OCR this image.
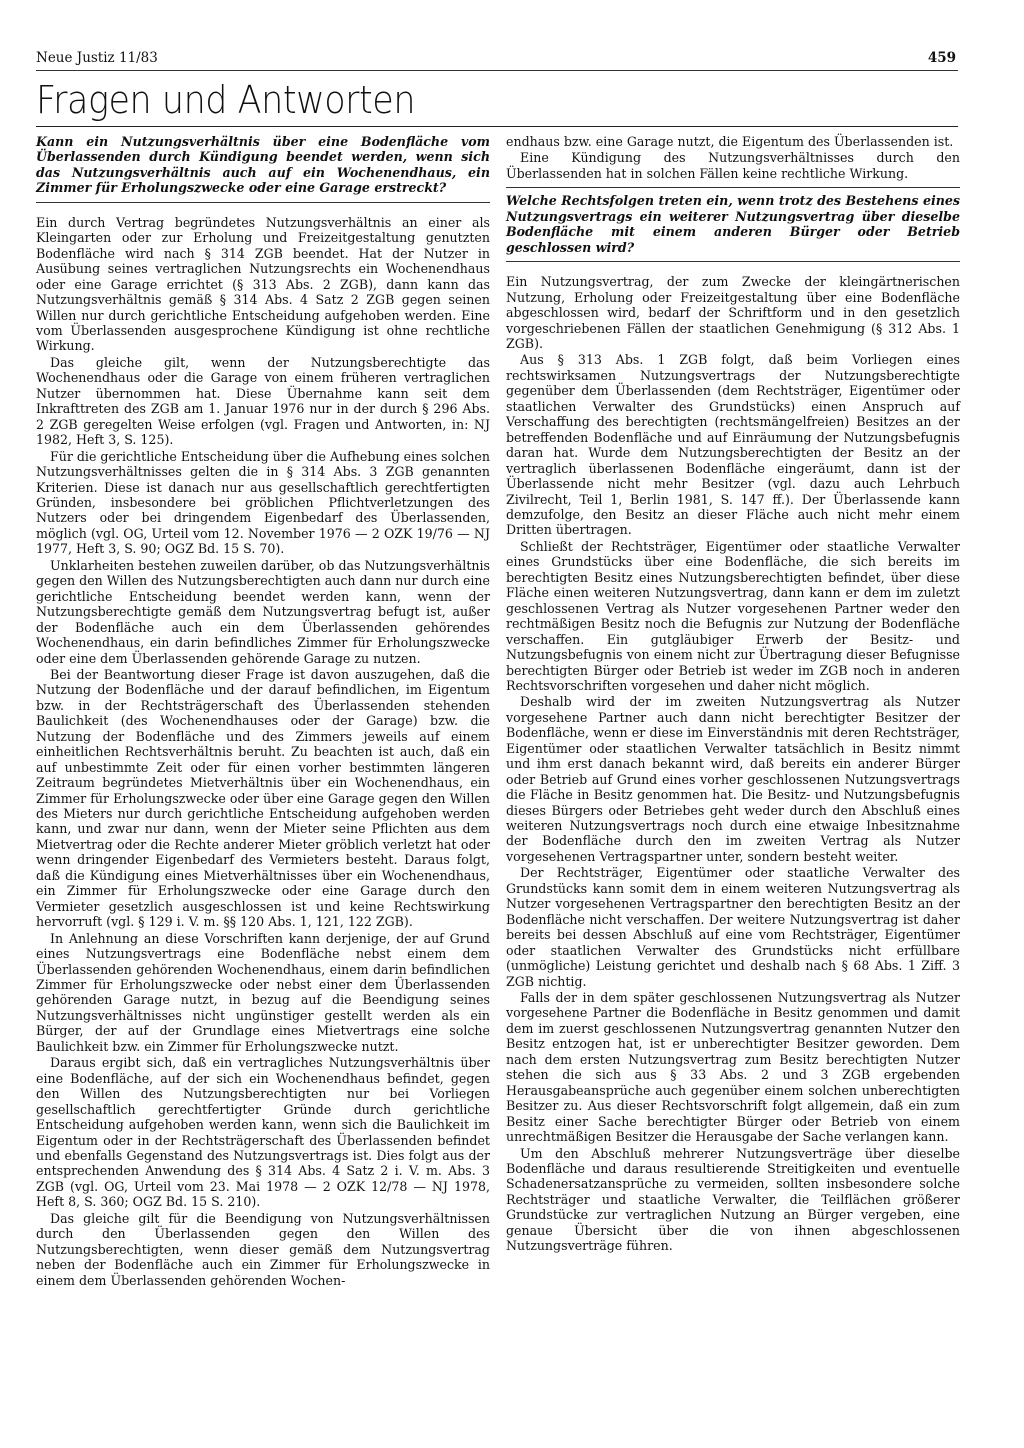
Neue Justiz 11/83	459
Fragen und Antworten
Kann ein Nutzungsverhältnis über eine Bodenfläche vom Überlassenden durch Kündigung beendet werden, wenn sich das Nutzungsverhältnis auch auf ein Wochenendhaus, ein Zimmer für Erholungszwecke oder eine Garage erstreckt?

Ein durch Vertrag begründetes Nutzungsverhältnis an einer als Kleingarten oder zur Erholung und Freizeitgestaltung genutzten Bodenfläche wird nach § 314 ZGB beendet. Hat der Nutzer in Ausübung seines vertraglichen Nutzungsrechts ein Wochenendhaus oder eine Garage errichtet (§ 313 Abs. 2 ZGB), dann kann das Nutzungsverhältnis gemäß § 314 Abs. 4 Satz 2 ZGB gegen seinen Willen nur durch gerichtliche Entscheidung aufgehoben werden. Eine vom Überlassenden ausgesprochene Kündigung ist ohne rechtliche Wirkung.

Das gleiche gilt, wenn der Nutzungsberechtigte das Wochenendhaus oder die Garage von einem früheren vertraglichen Nutzer übernommen hat. Diese Übernahme kann seit dem Inkrafttreten des ZGB am 1. Januar 1976 nur in der durch § 296 Abs. 2 ZGB geregelten Weise erfolgen (vgl. Fragen und Antworten, in: NJ 1982, Heft 3, S. 125).

Für die gerichtliche Entscheidung über die Aufhebung eines solchen Nutzungsverhältnisses gelten die in § 314 Abs. 3 ZGB genannten Kriterien. Diese ist danach nur aus gesellschaftlich gerechtfertigten Gründen, insbesondere bei gröblichen Pflichtverletzungen des Nutzers oder bei dringendem Eigenbedarf des Überlassenden, möglich (vgl. OG, Urteil vom 12. November 1976 — 2 OZK 19/76 — NJ 1977, Heft 3, S. 90; OGZ Bd. 15 S. 70).

Unklarheiten bestehen zuweilen darüber, ob das Nutzungsverhältnis gegen den Willen des Nutzungsberechtigten auch dann nur durch eine gerichtliche Entscheidung beendet werden kann, wenn der Nutzungsberechtigte gemäß dem Nutzungsvertrag befugt ist, außer der Bodenfläche auch ein dem Überlassenden gehörendes Wochenendhaus, ein darin befindliches Zimmer für Erholungszwecke oder eine dem Überlassenden gehörende Garage zu nutzen.

Bei der Beantwortung dieser Frage ist davon auszugehen, daß die Nutzung der Bodenfläche und der darauf befindlichen, im Eigentum bzw. in der Rechtsträgerschaft des Überlassenden stehenden Baulichkeit (des Wochenendhauses oder der Garage) bzw. die Nutzung der Bodenfläche und des Zimmers jeweils auf einem einheitlichen Rechtsverhältnis beruht. Zu beachten ist auch, daß ein auf unbestimmte Zeit oder für einen vorher bestimmten längeren Zeitraum begründetes Mietverhältnis über ein Wochenendhaus, ein Zimmer für Erholungszwecke oder über eine Garage gegen den Willen des Mieters nur durch gerichtliche Entscheidung aufgehoben werden kann, und zwar nur dann, wenn der Mieter seine Pflichten aus dem Mietvertrag oder die Rechte anderer Mieter gröblich verletzt hat oder wenn dringender Eigenbedarf des Vermieters besteht. Daraus folgt, daß die Kündigung eines Mietverhältnisses über ein Wochenendhaus, ein Zimmer für Erholungszwecke oder eine Garage durch den Vermieter gesetzlich ausgeschlossen ist und keine Rechtswirkung hervorruft (vgl. § 129 i. V. m. §§ 120 Abs. 1, 121, 122 ZGB).

In Anlehnung an diese Vorschriften kann derjenige, der auf Grund eines Nutzungsvertrags eine Bodenfläche nebst einem dem Überlassenden gehörenden Wochenendhaus, einem darin befindlichen Zimmer für Erholungszwecke oder nebst einer dem Überlassenden gehörenden Garage nutzt, in bezug auf die Beendigung seines Nutzungsverhältnisses nicht ungünstiger gestellt werden als ein Bürger, der auf der Grundlage eines Mietvertrags eine solche Baulichkeit bzw. ein Zimmer für Erholungszwecke nutzt.

Daraus ergibt sich, daß ein vertragliches Nutzungsverhältnis über eine Bodenfläche, auf der sich ein Wochenendhaus befindet, gegen den Willen des Nutzungsberechtigten nur bei Vorliegen gesellschaftlich gerechtfertigter Gründe durch gerichtliche Entscheidung aufgehoben werden kann, wenn sich die Baulichkeit im Eigentum oder in der Rechtsträgerschaft des Überlassenden befindet und ebenfalls Gegenstand des Nutzungsvertrags ist. Dies folgt aus der entsprechenden Anwendung des § 314 Abs. 4 Satz 2 i. V. m. Abs. 3 ZGB (vgl. OG, Urteil vom 23. Mai 1978 — 2 OZK 12/78 — NJ 1978, Heft 8, S. 360; OGZ Bd. 15 S. 210).

Das gleiche gilt für die Beendigung von Nutzungsverhältnissen durch den Überlassenden gegen den Willen des Nutzungsberechtigten, wenn dieser gemäß dem Nutzungsvertrag neben der Bodenfläche auch ein Zimmer für Erholungszwecke in einem dem Überlassenden gehörenden Wochen-

endhaus bzw. eine Garage nutzt, die Eigentum des Überlassenden ist.

Eine Kündigung des Nutzungsverhältnisses durch den Überlassenden hat in solchen Fällen keine rechtliche Wirkung.

Welche Rechtsfolgen treten ein, wenn trotz des Bestehens eines Nutzungsvertrags ein weiterer Nutzungsvertrag über dieselbe Bodenfläche mit einem anderen Bürger oder Betrieb geschlossen wird?

Ein Nutzungsvertrag, der zum Zwecke der kleingärtnerischen Nutzung, Erholung oder Freizeitgestaltung über eine Bodenfläche abgeschlossen wird, bedarf der Schriftform und in den gesetzlich vorgeschriebenen Fällen der staatlichen Genehmigung (§ 312 Abs. 1 ZGB).

Aus § 313 Abs. 1 ZGB folgt, daß beim Vorliegen eines rechtswirksamen Nutzungsvertrags der Nutzungsberechtigte gegenüber dem Überlassenden (dem Rechtsträger, Eigentümer oder staatlichen Verwalter des Grundstücks) einen Anspruch auf Verschaffung des berechtigten (rechtsmängelfreien) Besitzes an der betreffenden Bodenfläche und auf Einräumung der Nutzungsbefugnis daran hat. Wurde dem Nutzungsberechtigten der Besitz an der vertraglich überlassenen Bodenfläche eingeräumt, dann ist der Überlassende nicht mehr Besitzer (vgl. dazu auch Lehrbuch Zivilrecht, Teil 1, Berlin 1981, S. 147 ff.). Der Überlassende kann demzufolge, den Besitz an dieser Fläche auch nicht mehr einem Dritten übertragen.

Schließt der Rechtsträger, Eigentümer oder staatliche Verwalter eines Grundstücks über eine Bodenfläche, die sich bereits im berechtigten Besitz eines Nutzungsberechtigten befindet, über diese Fläche einen weiteren Nutzungsvertrag, dann kann er dem im zuletzt geschlossenen Vertrag als Nutzer vorgesehenen Partner weder den rechtmäßigen Besitz noch die Befugnis zur Nutzung der Bodenfläche verschaffen. Ein gutgläubiger Erwerb der Besitz- und Nutzungsbefugnis von einem nicht zur Übertragung dieser Befugnisse berechtigten Bürger oder Betrieb ist weder im ZGB noch in anderen Rechtsvorschriften vorgesehen und daher nicht möglich.

Deshalb wird der im zweiten Nutzungsvertrag als Nutzer vorgesehene Partner auch dann nicht berechtigter Besitzer der Bodenfläche, wenn er diese im Einverständnis mit deren Rechtsträger, Eigentümer oder staatlichen Verwalter tatsächlich in Besitz nimmt und ihm erst danach bekannt wird, daß bereits ein anderer Bürger oder Betrieb auf Grund eines vorher geschlossenen Nutzungsvertrags die Fläche in Besitz genommen hat. Die Besitz- und Nutzungsbefugnis dieses Bürgers oder Betriebes geht weder durch den Abschluß eines weiteren Nutzungsvertrags noch durch eine etwaige Inbesitznahme der Bodenfläche durch den im zweiten Vertrag als Nutzer vorgesehenen Vertragspartner unter, sondern besteht weiter.

Der Rechtsträger, Eigentümer oder staatliche Verwalter des Grundstücks kann somit dem in einem weiteren Nutzungsvertrag als Nutzer vorgesehenen Vertragspartner den berechtigten Besitz an der Bodenfläche nicht verschaffen. Der weitere Nutzungsvertrag ist daher bereits bei dessen Abschluß auf eine vom Rechtsträger, Eigentümer oder staatlichen Verwalter des Grundstücks nicht erfüllbare (unmögliche) Leistung gerichtet und deshalb nach § 68 Abs. 1 Ziff. 3 ZGB nichtig.

Falls der in dem später geschlossenen Nutzungsvertrag als Nutzer vorgesehene Partner die Bodenfläche in Besitz genommen und damit dem im zuerst geschlossenen Nutzungsvertrag genannten Nutzer den Besitz entzogen hat, ist er unberechtigter Besitzer geworden. Dem nach dem ersten Nutzungsvertrag zum Besitz berechtigten Nutzer stehen die sich aus § 33 Abs. 2 und 3 ZGB ergebenden Herausgabeansprüche auch gegenüber einem solchen unberechtigten Besitzer zu. Aus dieser Rechtsvorschrift folgt allgemein, daß ein zum Besitz einer Sache berechtigter Bürger oder Betrieb von einem unrechtmäßigen Besitzer die Herausgabe der Sache verlangen kann.

Um den Abschluß mehrerer Nutzungsverträge über dieselbe Bodenfläche und daraus resultierende Streitigkeiten und eventuelle Schadenersatzansprüche zu vermeiden, sollten insbesondere solche Rechtsträger und staatliche Verwalter, die Teilflächen größerer Grundstücke zur vertraglichen Nutzung an Bürger vergeben, eine genaue Übersicht über die von ihnen abgeschlossenen Nutzungsverträge führen.
